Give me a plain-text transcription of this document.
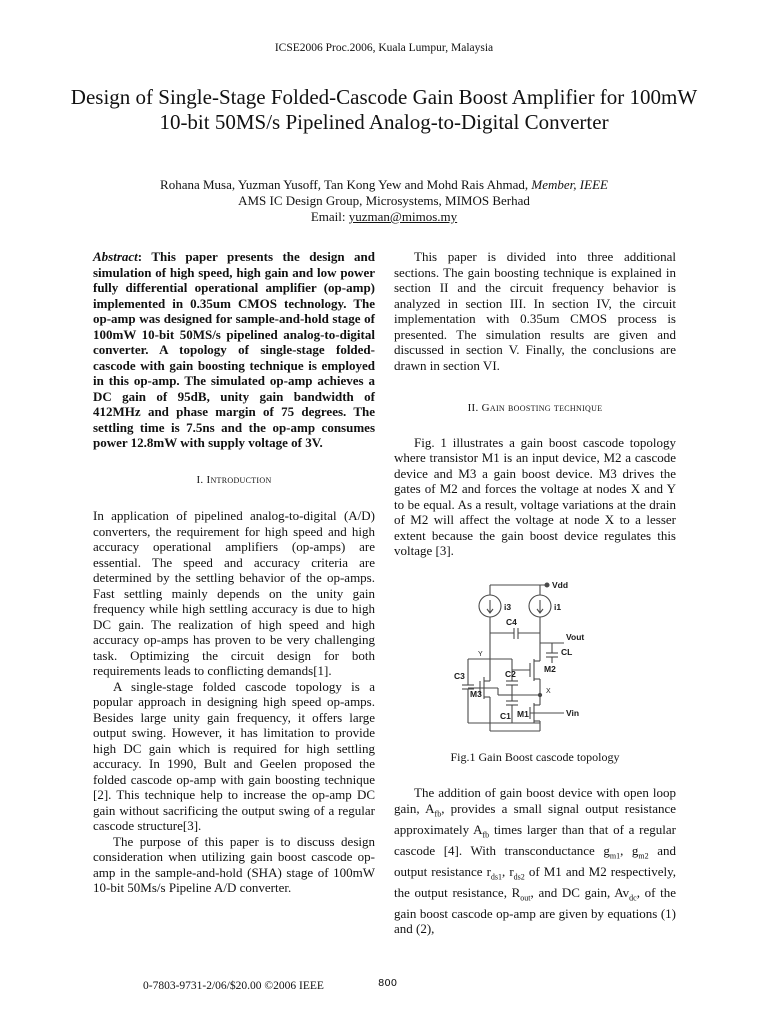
ICSE2006 Proc.2006, Kuala Lumpur, Malaysia
Design of Single-Stage Folded-Cascode Gain Boost Amplifier for 100mW 10-bit 50MS/s Pipelined Analog-to-Digital Converter
Rohana Musa, Yuzman Yusoff, Tan Kong Yew and Mohd Rais Ahmad, Member, IEEE
AMS IC Design Group, Microsystems, MIMOS Berhad
Email: yuzman@mimos.my

Abstract: This paper presents the design and simulation of high speed, high gain and low power fully differential operational amplifier (op-amp) implemented in 0.35um CMOS technology. The op-amp was designed for sample-and-hold stage of 100mW 10-bit 50MS/s pipelined analog-to-digital converter. A topology of single-stage folded-cascode with gain boosting technique is employed in this op-amp. The simulated op-amp achieves a DC gain of 95dB, unity gain bandwidth of 412MHz and phase margin of 75 degrees. The settling time is 7.5ns and the op-amp consumes power 12.8mW with supply voltage of 3V.

I. Introduction

In application of pipelined analog-to-digital (A/D) converters, the requirement for high speed and high accuracy operational amplifiers (op-amps) are essential. The speed and accuracy criteria are determined by the settling behavior of the op-amps. Fast settling mainly depends on the unity gain frequency while high settling accuracy is due to high DC gain. The realization of high speed and high accuracy op-amps has proven to be very challenging task. Optimizing the circuit design for both requirements leads to conflicting demands[1].

A single-stage folded cascode topology is a popular approach in designing high speed op-amps. Besides large unity gain frequency, it offers large output swing. However, it has limitation to provide high DC gain which is required for high settling accuracy. In 1990, Bult and Geelen proposed the folded cascode op-amp with gain boosting technique [2]. This technique help to increase the op-amp DC gain without sacrificing the output swing of a regular cascode structure[3].

The purpose of this paper is to discuss design consideration when utilizing gain boost cascode op-amp in the sample-and-hold (SHA) stage of 100mW 10-bit 50Ms/s Pipeline A/D converter.

This paper is divided into three additional sections. The gain boosting technique is explained in section II and the circuit frequency behavior is analyzed in section III. In section IV, the circuit implementation with 0.35um CMOS process is presented. The simulation results are given and discussed in section V. Finally, the conclusions are drawn in section VI.

II. Gain boosting technique

Fig. 1 illustrates a gain boost cascode topology where transistor M1 is an input device, M2 a cascode device and M3 a gain boost device. M3 drives the gates of M2 and forces the voltage at nodes X and Y to be equal. As a result, voltage variations at the drain of M2 will affect the voltage at node X to a lesser extent because the gain boost device regulates this voltage [3].

Vdd
i3	i1
C4
Vout
CL
Y
C2	M2
C3
M3	X
C1 M1	Vin
Fig.1 Gain Boost cascode topology

The addition of gain boost device with open loop gain, $A_{fb}$, provides a small signal output resistance approximately $A_{fb}$ times larger than that of a regular cascode [4]. With transconductance $g_{m1}$, $g_{m2}$ and output resistance $r_{ds1}$, $r_{ds2}$ of M1 and M2 respectively, the output resistance, $R_{out}$, and DC gain, $Av_{dc}$, of the gain boost cascode op-amp are given by equations (1) and (2),

0-7803-9731-2/06/$20.00 ©2006 IEEE	800
